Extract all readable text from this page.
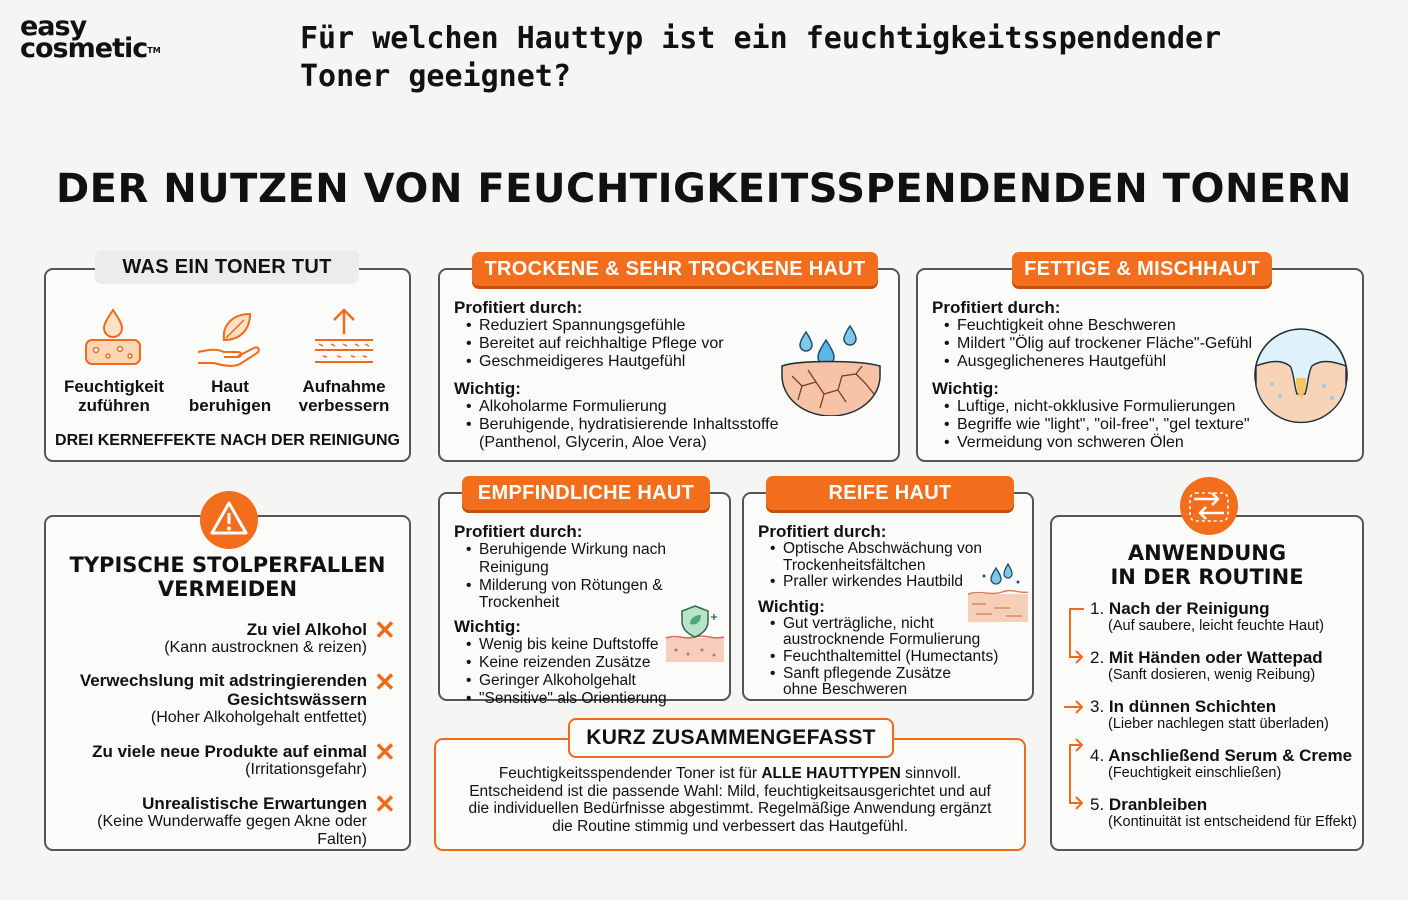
easy
cosmetic™	Für welchen Hauttyp ist ein feuchtigkeitsspendender Toner geeignet?
DER NUTZEN VON FEUCHTIGKEITSSPENDENDEN TONERN
WAS EIN TONER TUT
Feuchtigkeit
zuführen
Haut
beruhigen
Aufnahme
verbessern
DREI KERNEFFEKTE NACH DER REINIGUNG
TROCKENE & SEHR TROCKENE HAUT
Profitiert durch:
• Reduziert Spannungsgefühle
• Bereitet auf reichhaltige Pflege vor
• Geschmeidigeres Hautgefühl
Wichtig:
• Alkoholarme Formulierung
• Beruhigende, hydratisierende Inhaltsstoffe (Panthenol, Glycerin, Aloe Vera)
FETTIGE & MISCHHAUT
Profitiert durch:
• Feuchtigkeit ohne Beschweren
• Mildert "Ölig auf trockener Fläche"-Gefühl
• Ausgeglicheneres Hautgefühl
Wichtig:
• Luftige, nicht-okklusive Formulierungen
• Begriffe wie "light", "oil-free", "gel texture"
• Vermeidung von schweren Ölen
TYPISCHE STOLPERFALLEN
VERMEIDEN
Zu viel Alkohol
(Kann austrocknen & reizen)
✕
Verwechslung mit adstringierenden Gesichtswässern
(Hoher Alkoholgehalt entfettet)
✕
Zu viele neue Produkte auf einmal
(Irritationsgefahr)
✕
Unrealistische Erwartungen
(Keine Wunderwaffe gegen Akne oder Falten)
✕
EMPFINDLICHE HAUT
Profitiert durch:
• Beruhigende Wirkung nach Reinigung
• Milderung von Rötungen & Trockenheit
Wichtig:
• Wenig bis keine Duftstoffe
• Keine reizenden Zusätze
• Geringer Alkoholgehalt
• "Sensitive" als Orientierung
REIFE HAUT
Profitiert durch:
• Optische Abschwächung von Trockenheitsfältchen
• Praller wirkendes Hautbild
Wichtig:
• Gut verträgliche, nicht austrocknende Formulierung
• Feuchthaltemittel (Humectants)
• Sanft pflegende Zusätze ohne Beschweren
KURZ ZUSAMMENGEFASST
Feuchtigkeitsspendender Toner ist für ALLE HAUTTYPEN sinnvoll. Entscheidend ist die passende Wahl: Mild, feuchtigkeitsausgerichtet und auf die individuellen Bedürfnisse abgestimmt. Regelmäßige Anwendung ergänzt die Routine stimmig und verbessert das Hautgefühl.
ANWENDUNG
IN DER ROUTINE
1. Nach der Reinigung
(Auf saubere, leicht feuchte Haut)
2. Mit Händen oder Wattepad
(Sanft dosieren, wenig Reibung)
3. In dünnen Schichten
(Lieber nachlegen statt überladen)
4. Anschließend Serum & Creme
(Feuchtigkeit einschließen)
5. Dranbleiben
(Kontinuität ist entscheidend für Effekt)
